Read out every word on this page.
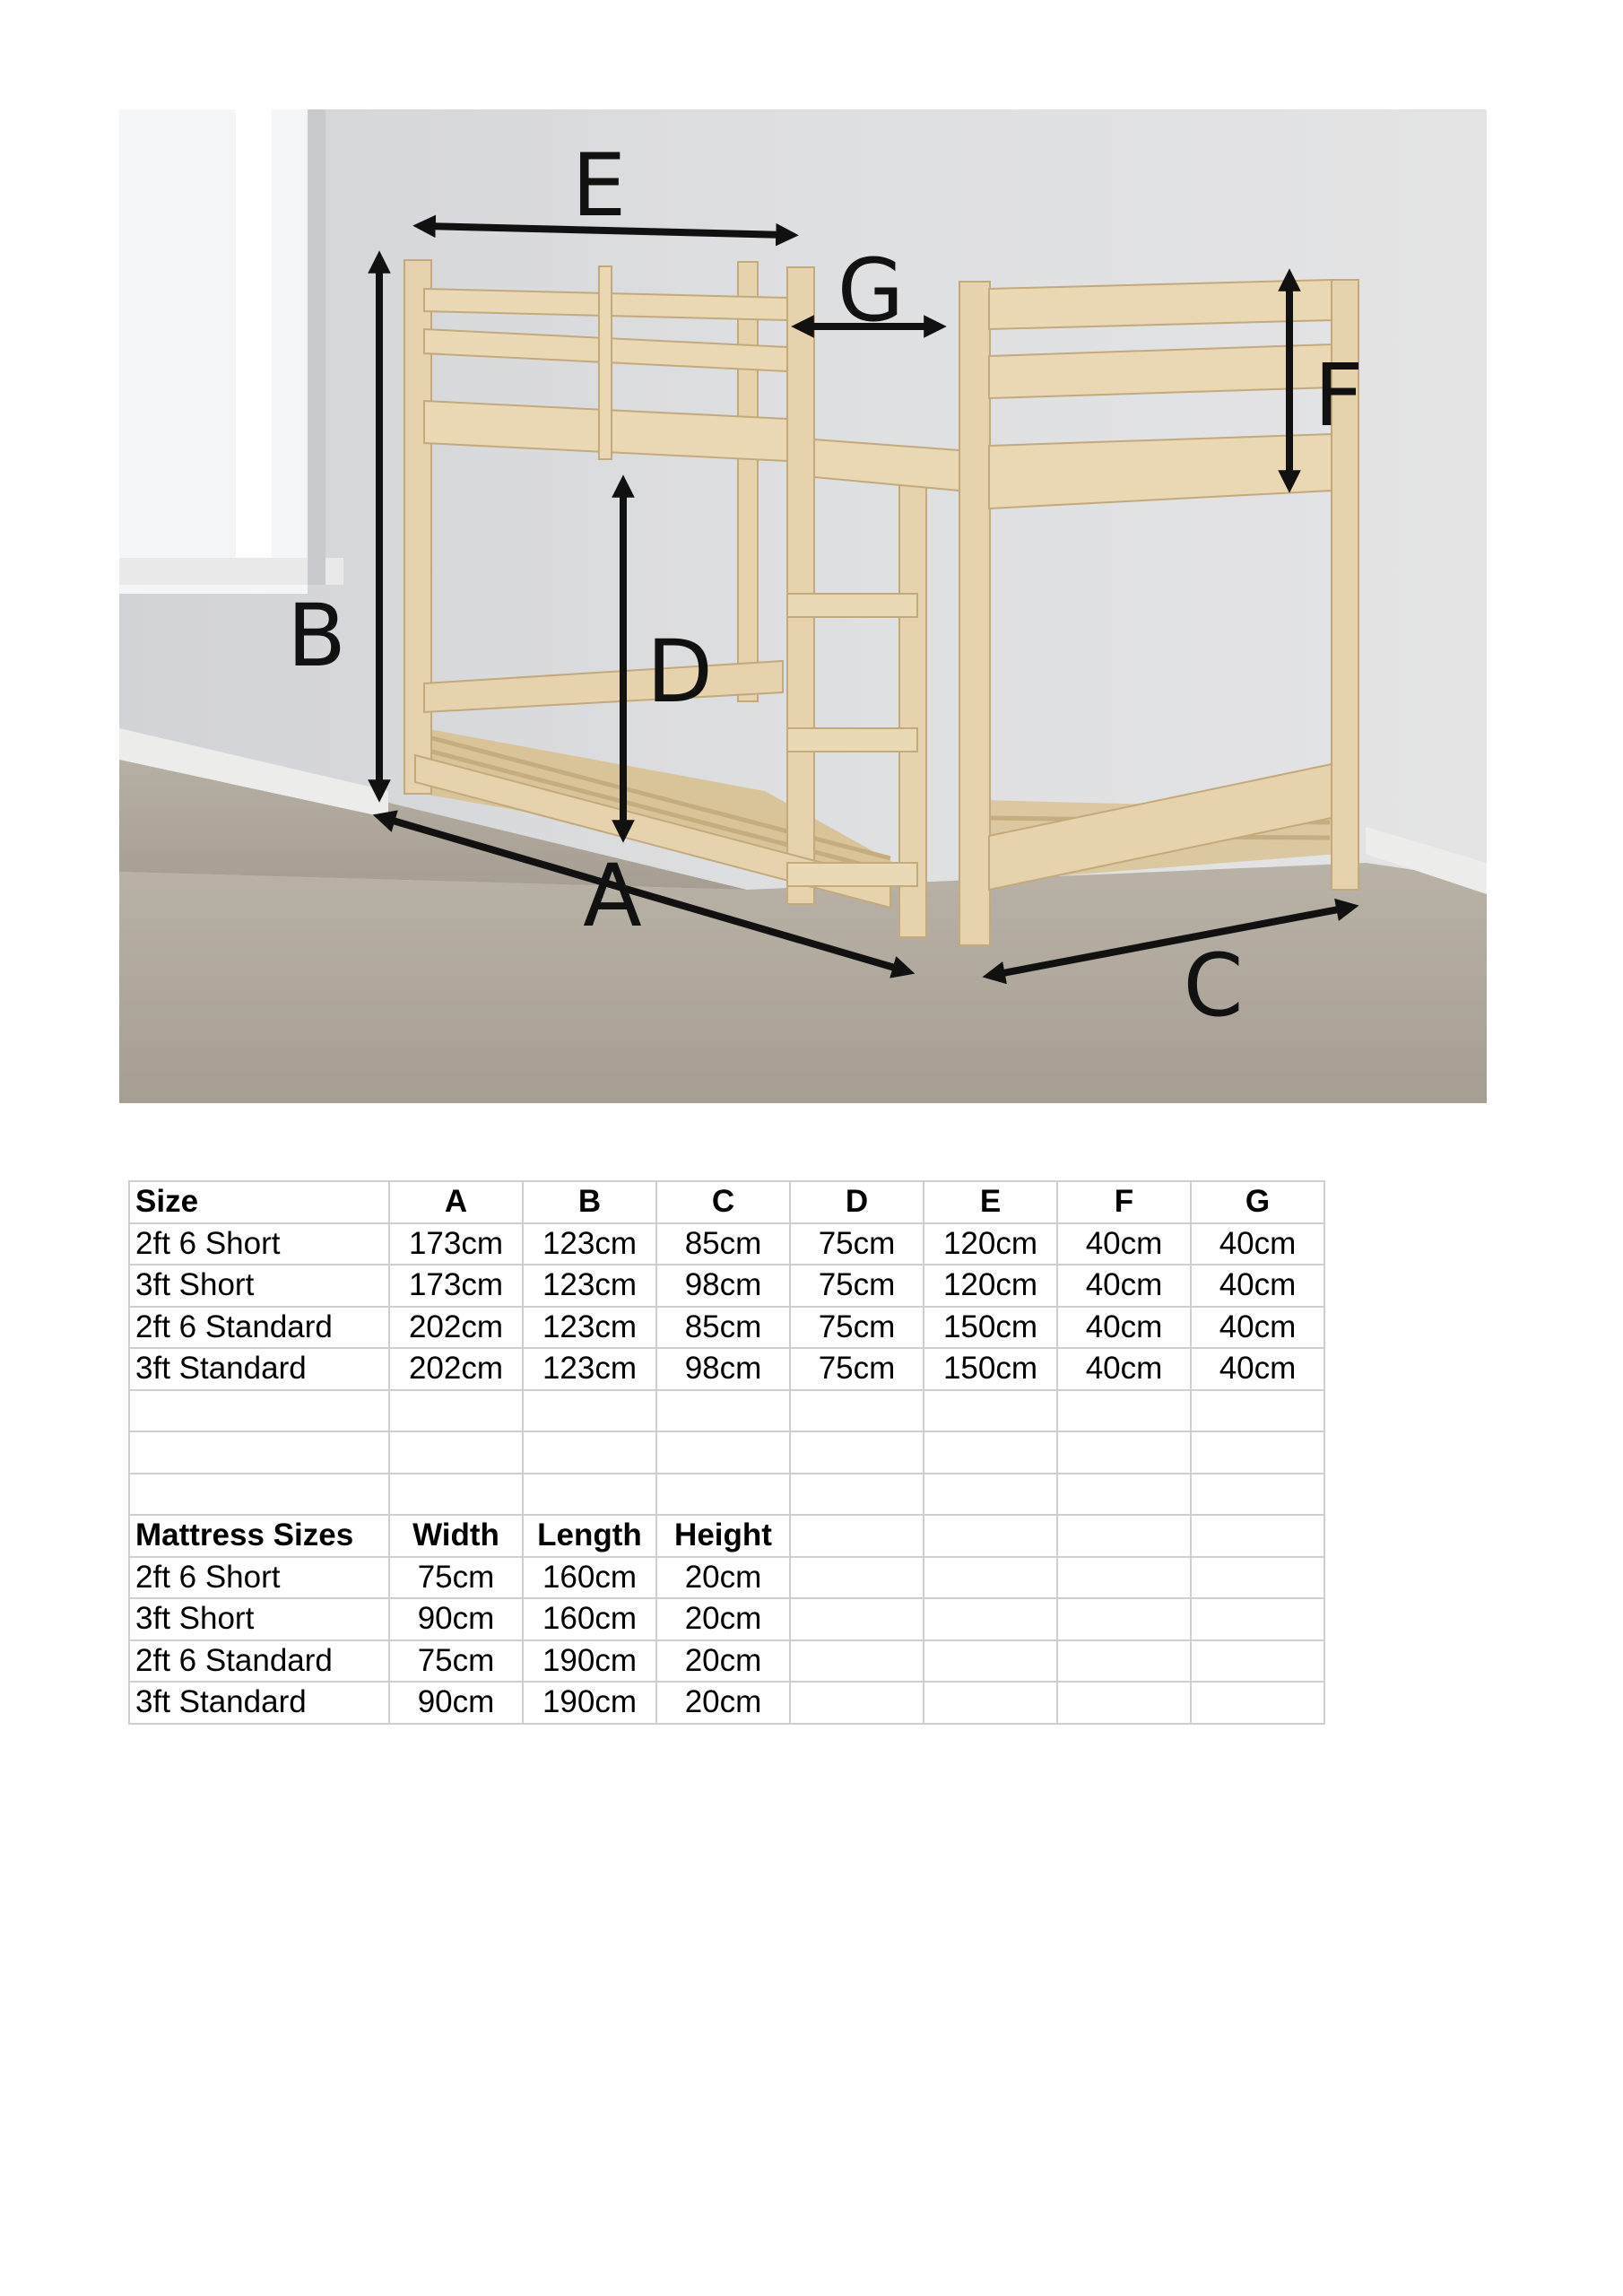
E
B	D
A
C
F
G
Size	A	B	C	D	E	F	G
2ft 6 Short	173cm	123cm	85cm	75cm	120cm	40cm	40cm
3ft Short	173cm	123cm	98cm	75cm	120cm	40cm	40cm
2ft 6 Standard	202cm	123cm	85cm	75cm	150cm	40cm	40cm
3ft Standard	202cm	123cm	98cm	75cm	150cm	40cm	40cm

Mattress Sizes	Width	Length	Height				
2ft 6 Short	75cm	160cm	20cm				
3ft Short	90cm	160cm	20cm				
2ft 6 Standard	75cm	190cm	20cm				
3ft Standard	90cm	190cm	20cm				
